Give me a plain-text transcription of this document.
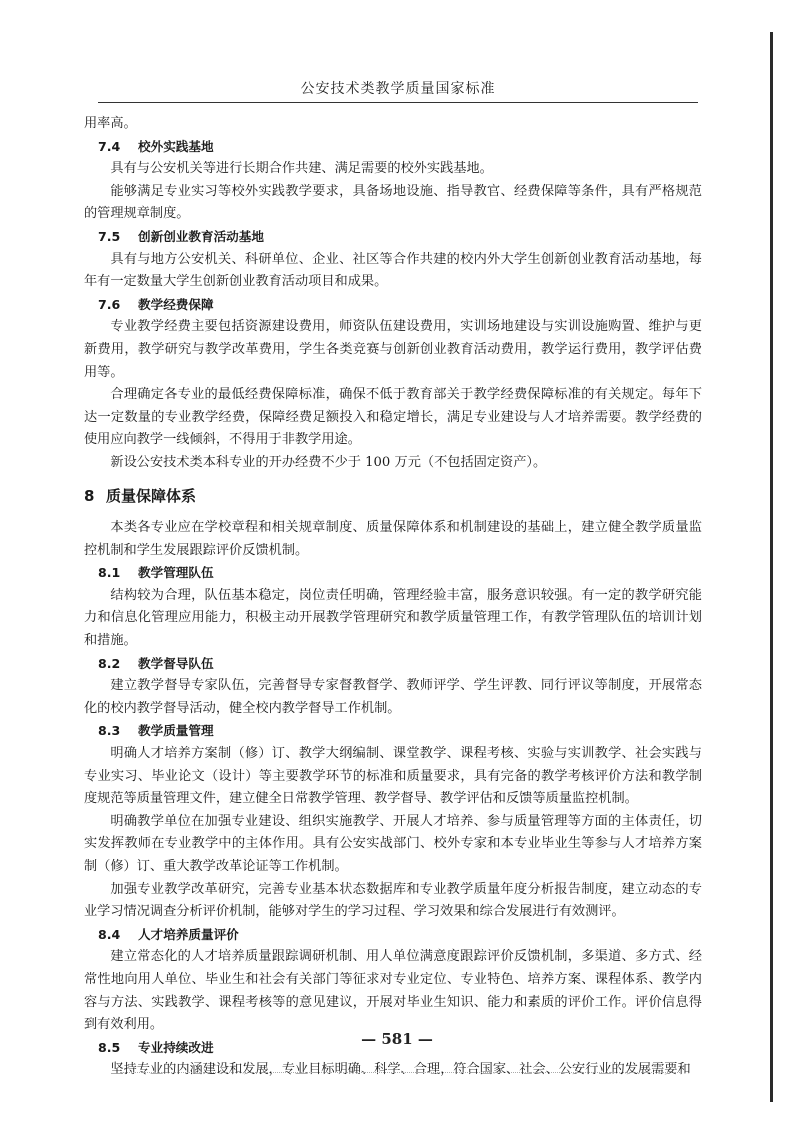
公安技术类教学质量国家标准

用率高。

7.4 校外实践基地

具有与公安机关等进行长期合作共建、满足需要的校外实践基地。

能够满足专业实习等校外实践教学要求，具备场地设施、指导教官、经费保障等条件，具有严格规范的管理规章制度。

7.5 创新创业教育活动基地

具有与地方公安机关、科研单位、企业、社区等合作共建的校内外大学生创新创业教育活动基地，每年有一定数量大学生创新创业教育活动项目和成果。

7.6 教学经费保障

专业教学经费主要包括资源建设费用，师资队伍建设费用，实训场地建设与实训设施购置、维护与更新费用，教学研究与教学改革费用，学生各类竞赛与创新创业教育活动费用，教学运行费用，教学评估费用等。

合理确定各专业的最低经费保障标准，确保不低于教育部关于教学经费保障标准的有关规定。每年下达一定数量的专业教学经费，保障经费足额投入和稳定增长，满足专业建设与人才培养需要。教学经费的使用应向教学一线倾斜，不得用于非教学用途。

新设公安技术类本科专业的开办经费不少于 100 万元（不包括固定资产）。

8 质量保障体系

本类各专业应在学校章程和相关规章制度、质量保障体系和机制建设的基础上，建立健全教学质量监控机制和学生发展跟踪评价反馈机制。

8.1 教学管理队伍

结构较为合理，队伍基本稳定，岗位责任明确，管理经验丰富，服务意识较强。有一定的教学研究能力和信息化管理应用能力，积极主动开展教学管理研究和教学质量管理工作，有教学管理队伍的培训计划和措施。

8.2 教学督导队伍

建立教学督导专家队伍，完善督导专家督教督学、教师评学、学生评教、同行评议等制度，开展常态化的校内教学督导活动，健全校内教学督导工作机制。

8.3 教学质量管理

明确人才培养方案制（修）订、教学大纲编制、课堂教学、课程考核、实验与实训教学、社会实践与专业实习、毕业论文（设计）等主要教学环节的标准和质量要求，具有完备的教学考核评价方法和教学制度规范等质量管理文件，建立健全日常教学管理、教学督导、教学评估和反馈等质量监控机制。

明确教学单位在加强专业建设、组织实施教学、开展人才培养、参与质量管理等方面的主体责任，切实发挥教师在专业教学中的主体作用。具有公安实战部门、校外专家和本专业毕业生等参与人才培养方案制（修）订、重大教学改革论证等工作机制。

加强专业教学改革研究，完善专业基本状态数据库和专业教学质量年度分析报告制度，建立动态的专业学习情况调查分析评价机制，能够对学生的学习过程、学习效果和综合发展进行有效测评。

8.4 人才培养质量评价

建立常态化的人才培养质量跟踪调研机制、用人单位满意度跟踪评价反馈机制，多渠道、多方式、经常性地向用人单位、毕业生和社会有关部门等征求对专业定位、专业特色、培养方案、课程体系、教学内容与方法、实践教学、课程考核等的意见建议，开展对毕业生知识、能力和素质的评价工作。评价信息得到有效利用。

8.5 专业持续改进

坚持专业的内涵建设和发展，专业目标明确、科学、合理，符合国家、社会、公安行业的发展需要和

— 581 —
